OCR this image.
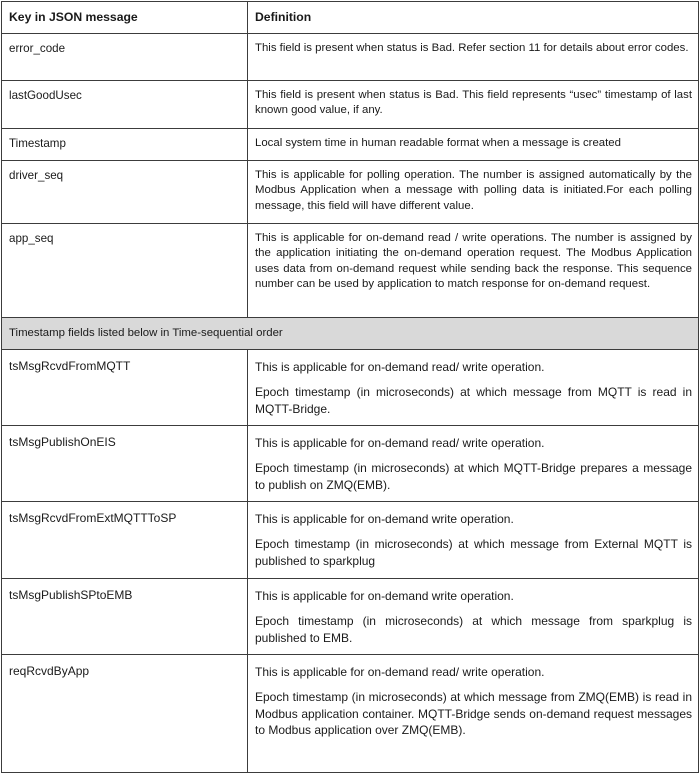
Key in JSON message	Definition
error_code	This field is present when status is Bad. Refer section 11 for details about error codes.
lastGoodUsec	This field is present when status is Bad. This field represents “usec” timestamp of last known good value, if any.
Timestamp	Local system time in human readable format when a message is created
driver_seq	This is applicable for polling operation. The number is assigned automatically by the Modbus Application when a message with polling data is initiated.For each polling message, this field will have different value.
app_seq	This is applicable for on-demand read / write operations. The number is assigned by the application initiating the on-demand operation request. The Modbus Application uses data from on-demand request while sending back the response. This sequence number can be used by application to match response for on-demand request.
Timestamp fields listed below in Time-sequential order	
tsMsgRcvdFromMQTT	This is applicable for on-demand read/ write operation.

Epoch timestamp (in microseconds) at which message from MQTT is read in MQTT-Bridge.

tsMsgPublishOnEIS	This is applicable for on-demand read/ write operation.

Epoch timestamp (in microseconds) at which MQTT-Bridge prepares a message to publish on ZMQ(EMB).

tsMsgRcvdFromExtMQTTToSP	This is applicable for on-demand write operation.

Epoch timestamp (in microseconds) at which message from External MQTT is published to sparkplug

tsMsgPublishSPtoEMB	This is applicable for on-demand write operation.

Epoch timestamp (in microseconds) at which message from sparkplug is published to EMB.

reqRcvdByApp	This is applicable for on-demand read/ write operation.

Epoch timestamp (in microseconds) at which message from ZMQ(EMB) is read in Modbus application container. MQTT-Bridge sends on-demand request messages to Modbus application over ZMQ(EMB).
